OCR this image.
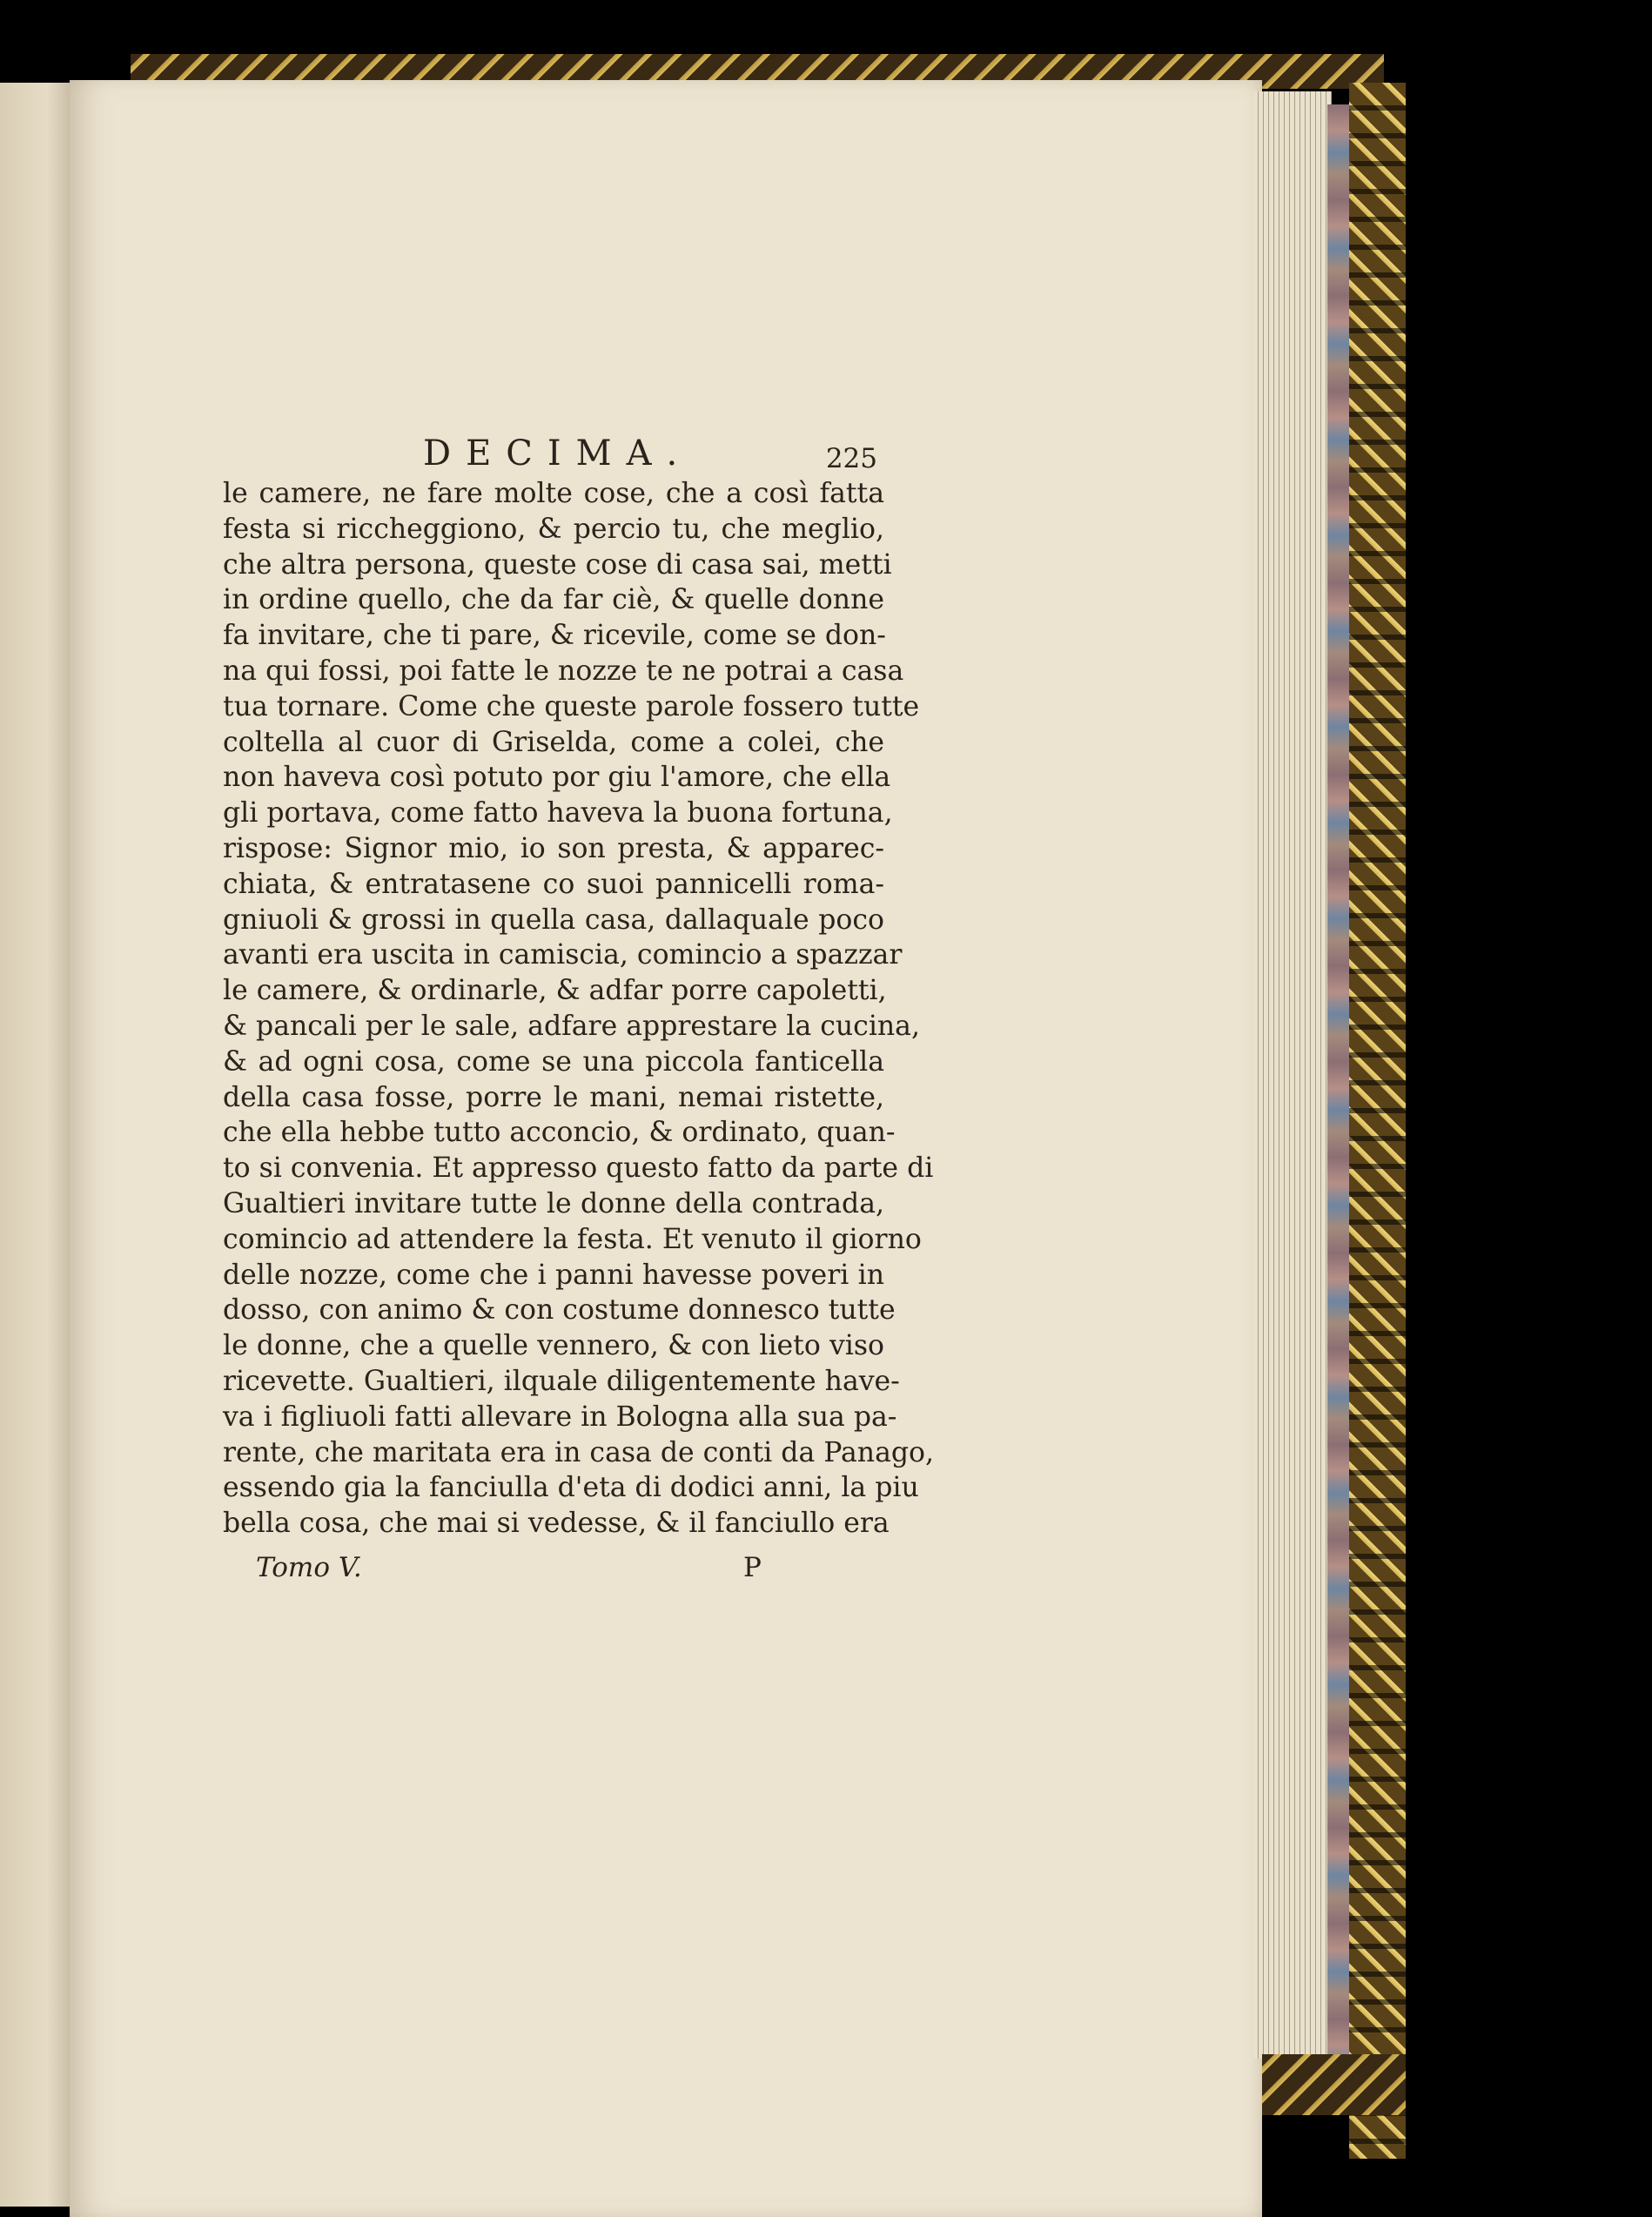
DECIMA.	225
le camere, ne fare molte cose, che a così fatta
festa si riccheggiono, & percio tu, che meglio,
che altra persona, queste cose di casa sai, metti
in ordine quello, che da far ciè, & quelle donne
fa invitare, che ti pare, & ricevile, come se don-
na qui fossi, poi fatte le nozze te ne potrai a casa
tua tornare. Come che queste parole fossero tutte
coltella al cuor di Griselda, come a colei, che
non haveva così potuto por giu l'amore, che ella
gli portava, come fatto haveva la buona fortuna,
rispose: Signor mio, io son presta, & apparec-
chiata, & entratasene co suoi pannicelli roma-
gniuoli & grossi in quella casa, dallaquale poco
avanti era uscita in camiscia, comincio a spazzar
le camere, & ordinarle, & adfar porre capoletti,
& pancali per le sale, adfare apprestare la cucina,
& ad ogni cosa, come se una piccola fanticella
della casa fosse, porre le mani, nemai ristette,
che ella hebbe tutto acconcio, & ordinato, quan-
to si convenia. Et appresso questo fatto da parte di
Gualtieri invitare tutte le donne della contrada,
comincio ad attendere la festa. Et venuto il giorno
delle nozze, come che i panni havesse poveri in
dosso, con animo & con costume donnesco tutte
le donne, che a quelle vennero, & con lieto viso
ricevette. Gualtieri, ilquale diligentemente have-
va i figliuoli fatti allevare in Bologna alla sua pa-
rente, che maritata era in casa de conti da Panago,
essendo gia la fanciulla d'eta di dodici anni, la piu
bella cosa, che mai si vedesse, & il fanciullo era
Tomo V.	P
